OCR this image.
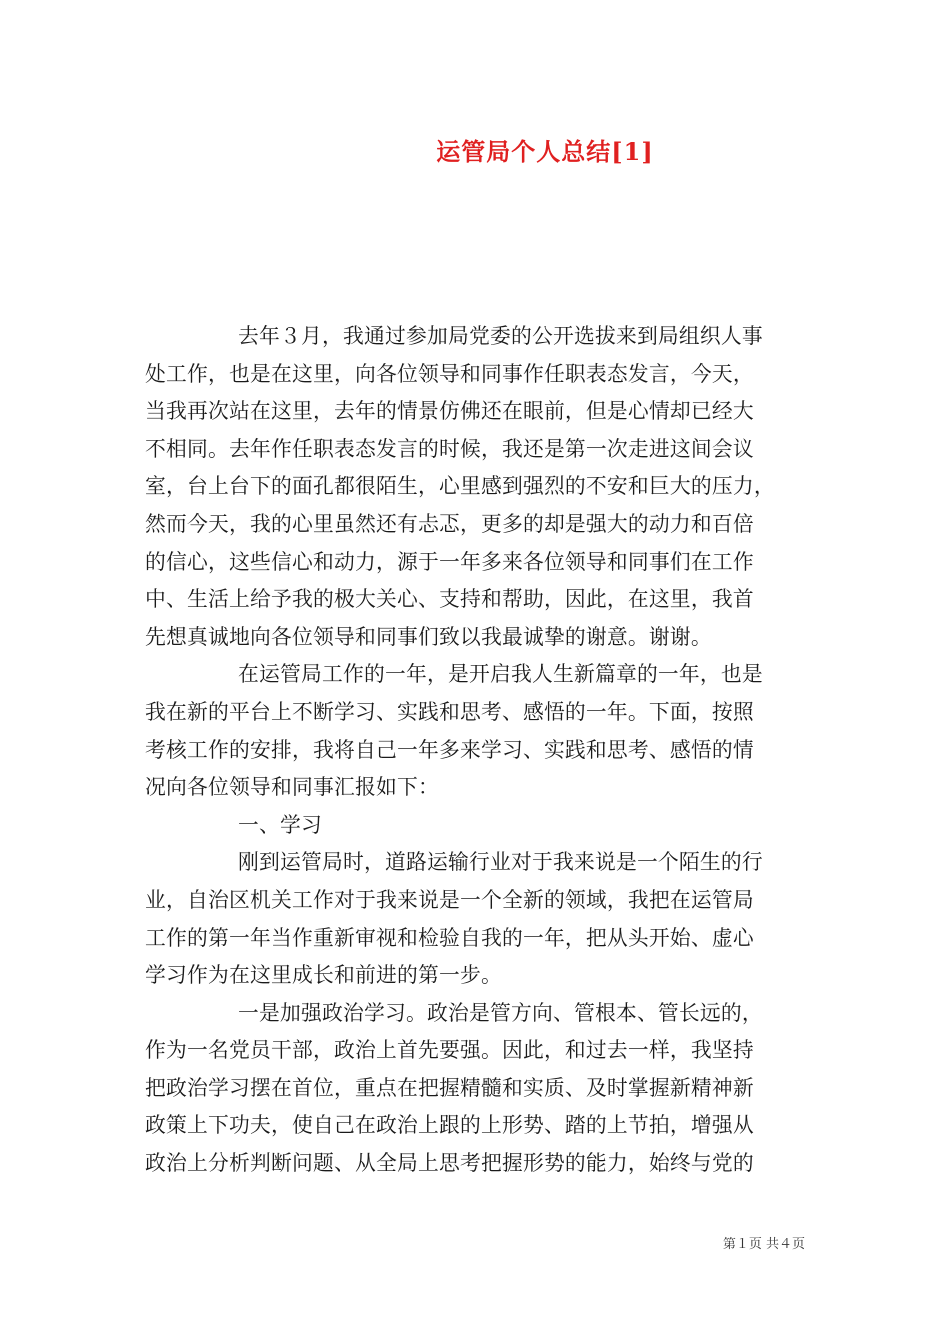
运管局个人总结[1]
去年３月，我通过参加局党委的公开选拔来到局组织人事
处工作，也是在这里，向各位领导和同事作任职表态发言，今天，
当我再次站在这里，去年的情景仿佛还在眼前，但是心情却已经大
不相同。去年作任职表态发言的时候，我还是第一次走进这间会议
室，台上台下的面孔都很陌生，心里感到强烈的不安和巨大的压力，
然而今天，我的心里虽然还有忐忑，更多的却是强大的动力和百倍
的信心，这些信心和动力，源于一年多来各位领导和同事们在工作
中、生活上给予我的极大关心、支持和帮助，因此，在这里，我首
先想真诚地向各位领导和同事们致以我最诚挚的谢意。谢谢。
在运管局工作的一年，是开启我人生新篇章的一年，也是
我在新的平台上不断学习、实践和思考、感悟的一年。下面，按照
考核工作的安排，我将自己一年多来学习、实践和思考、感悟的情
况向各位领导和同事汇报如下：
一、学习
刚到运管局时，道路运输行业对于我来说是一个陌生的行
业，自治区机关工作对于我来说是一个全新的领域，我把在运管局
工作的第一年当作重新审视和检验自我的一年，把从头开始、虚心
学习作为在这里成长和前进的第一步。
一是加强政治学习。政治是管方向、管根本、管长远的，
作为一名党员干部，政治上首先要强。因此，和过去一样，我坚持
把政治学习摆在首位，重点在把握精髓和实质、及时掌握新精神新
政策上下功夫，使自己在政治上跟的上形势、踏的上节拍，增强从
政治上分析判断问题、从全局上思考把握形势的能力，始终与党的
第１页 共４页
